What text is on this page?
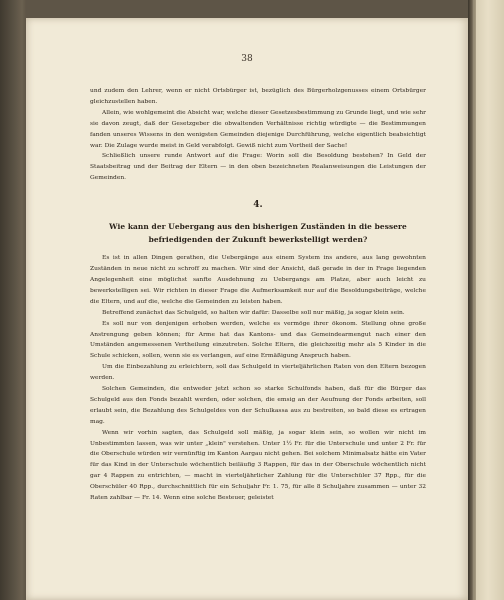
38

und zudem den Lehrer, wenn er nicht Ortsbürger ist, bezüglich des Bürgerholzgenusses einem Ortsbürger gleichzustellen haben.

Allein, wie wohlgemeint die Absicht war, welche dieser Gesetzesbestimmung zu Grunde liegt, und wie sehr sie davon zeugt, daß der Gesetzgeber die obwaltenden Verhältnisse richtig würdigte — die Bestimmungen fanden unseres Wissens in den wenigsten Gemeinden diejenige Durchführung, welche eigentlich beabsichtigt war. Die Zulage wurde meist in Geld verabfolgt. Gewiß nicht zum Vortheil der Sache!

Schließlich unsere runde Antwort auf die Frage: Worin soll die Besoldung bestehen? In Geld der Staatsbeitrag und der Beitrag der Eltern — in den oben bezeichneten Realanweisungen die Leistungen der Gemeinden.

4.
Wie kann der Uebergang aus den bisherigen Zuständen in die bessere befriedigenden der Zukunft bewerkstelligt werden?

Es ist in allen Dingen gerathen, die Uebergänge aus einem System ins andere, aus lang gewohnten Zuständen in neue nicht zu schroff zu machen. Wir sind der Ansicht, daß gerade in der in Frage liegenden Angelegenheit eine möglichst sanfte Ausdehnung zu Uebergangs am Platze, aber auch leicht zu bewerkstelligen sei. Wir richten in dieser Frage die Aufmerksamkeit nur auf die Besoldungsbeiträge, welche die Eltern, und auf die, welche die Gemeinden zu leisten haben.

Betreffend zunächst das Schulgeld, so halten wir dafür: Dasselbe soll nur mäßig, ja sogar klein sein.

Es soll nur von denjenigen erhoben werden, welche es vermöge ihrer ökonom. Stellung ohne große Anstrengung geben können; für Arme hat das Kantons- und das Gemeindearmengut nach einer den Umständen angemessenen Vertheilung einzutreten. Solche Eltern, die gleichzeitig mehr als 5 Kinder in die Schule schicken, sollen, wenn sie es verlangen, auf eine Ermäßigung Anspruch haben.

Um die Einbezahlung zu erleichtern, soll das Schulgeld in vierteljährlichen Raten von den Eltern bezogen werden.

Solchen Gemeinden, die entweder jetzt schon so starke Schulfonds haben, daß für die Bürger das Schulgeld aus den Fonds bezahlt werden, oder solchen, die emsig an der Aeufnung der Fonds arbeiten, soll erlaubt sein, die Bezahlung des Schulgeldes von der Schulkassa aus zu bestreiten, so bald diese es ertragen mag.

Wenn wir vorhin sagten, das Schulgeld soll mäßig, ja sogar klein sein, so wollen wir nicht im Unbestimmten lassen, was wir unter „klein" verstehen. Unter 1½ Fr. für die Unterschule und unter 2 Fr. für die Oberschule würden wir vernünftig im Kanton Aargau nicht gehen. Bei solchem Minimalsatz hätte ein Vater für das Kind in der Unterschule wöchentlich beiläufig 3 Rappen, für das in der Oberschule wöchentlich nicht gar 4 Rappen zu entrichten, — macht in vierteljährlicher Zahlung für die Unterschüler 37 Rpp., für die Oberschüler 40 Rpp., durchschnittlich für ein Schuljahr Fr. 1. 75, für alle 8 Schuljahre zusammen — unter 32 Raten zahlbar — Fr. 14. Wenn eine solche Besteuer, geleistet
